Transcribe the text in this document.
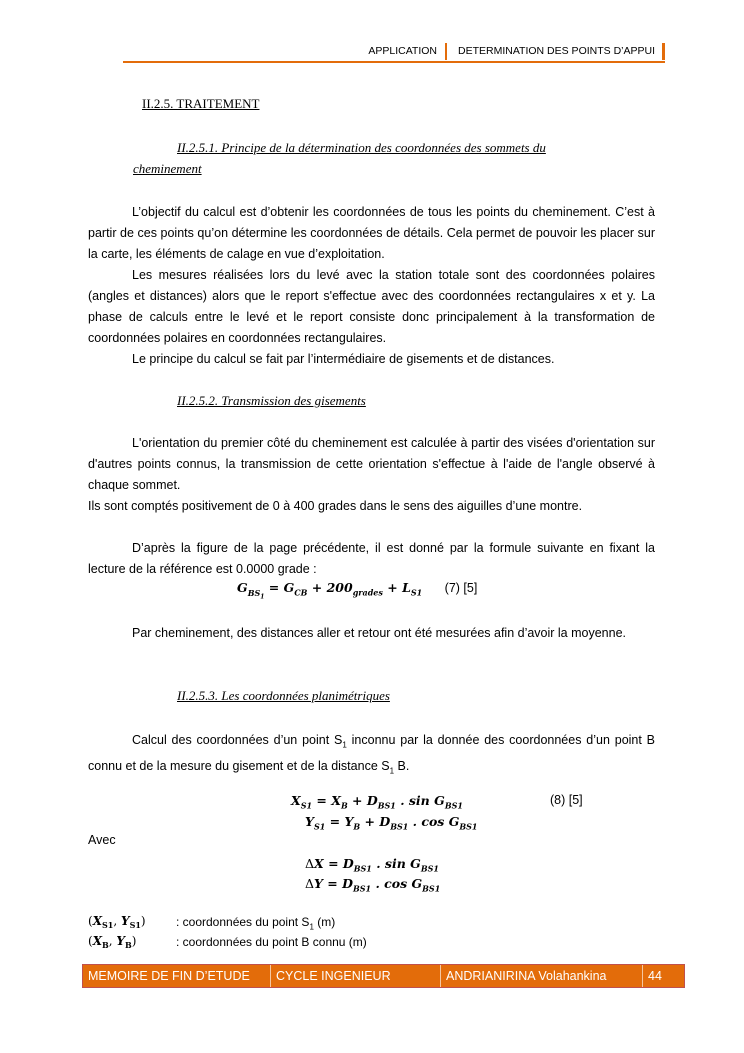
APPLICATION DETERMINATION DES POINTS D’APPUI
II.2.5. TRAITEMENT
II.2.5.1. Principe de la détermination des coordonnées des sommets du
cheminement
L’objectif du calcul est d’obtenir les coordonnées de tous les points du cheminement. C’est à partir de ces points qu’on détermine les coordonnées de détails. Cela permet de pouvoir les placer sur la carte, les éléments de calage en vue d’exploitation.
Les mesures réalisées lors du levé avec la station totale sont des coordonnées polaires (angles et distances) alors que le report s'effectue avec des coordonnées rectangulaires x et y. La phase de calculs entre le levé et le report consiste donc principalement à la transformation de coordonnées polaires en coordonnées rectangulaires.
Le principe du calcul se fait par l’intermédiaire de gisements et de distances.
II.2.5.2. Transmission des gisements
L'orientation du premier côté du cheminement est calculée à partir des visées d'orientation sur d'autres points connus, la transmission de cette orientation s'effectue à l'aide de l'angle observé à chaque sommet.
Ils sont comptés positivement de 0 à 400 grades dans le sens des aiguilles d’une montre.
D’après la figure de la page précédente, il est donné par la formule suivante en fixant la lecture de la référence est 0.0000 grade :
$G_{BS_1} = G_{CB} + 200_{grades} + L_{S1}$ (7) [5]
Par cheminement, des distances aller et retour ont été mesurées afin d’avoir la moyenne.
II.2.5.3. Les coordonnées planimétriques
Calcul des coordonnées d’un point $S_1$ inconnu par la donnée des coordonnées d’un point B connu et de la mesure du gisement et de la distance $S_1$ B.
$X_{S1} = X_B + D_{BS1}$ . $\sin G_{BS1}$	(8) [5]
$Y_{S1} = Y_B + D_{BS1}$ . $\cos G_{BS1}$
Avec
$\Delta X = D_{BS1}$ . $\sin G_{BS1}$
$\Delta Y = D_{BS1}$ . $\cos G_{BS1}$
($X_{S1}$, $Y_{S1}$)	: coordonnées du point $S_1$ (m)
($X_B$, $Y_B$)	: coordonnées du point B connu (m)
MEMOIRE DE FIN D’ETUDE	CYCLE INGENIEUR	ANDRIANIRINA Volahankina	44
